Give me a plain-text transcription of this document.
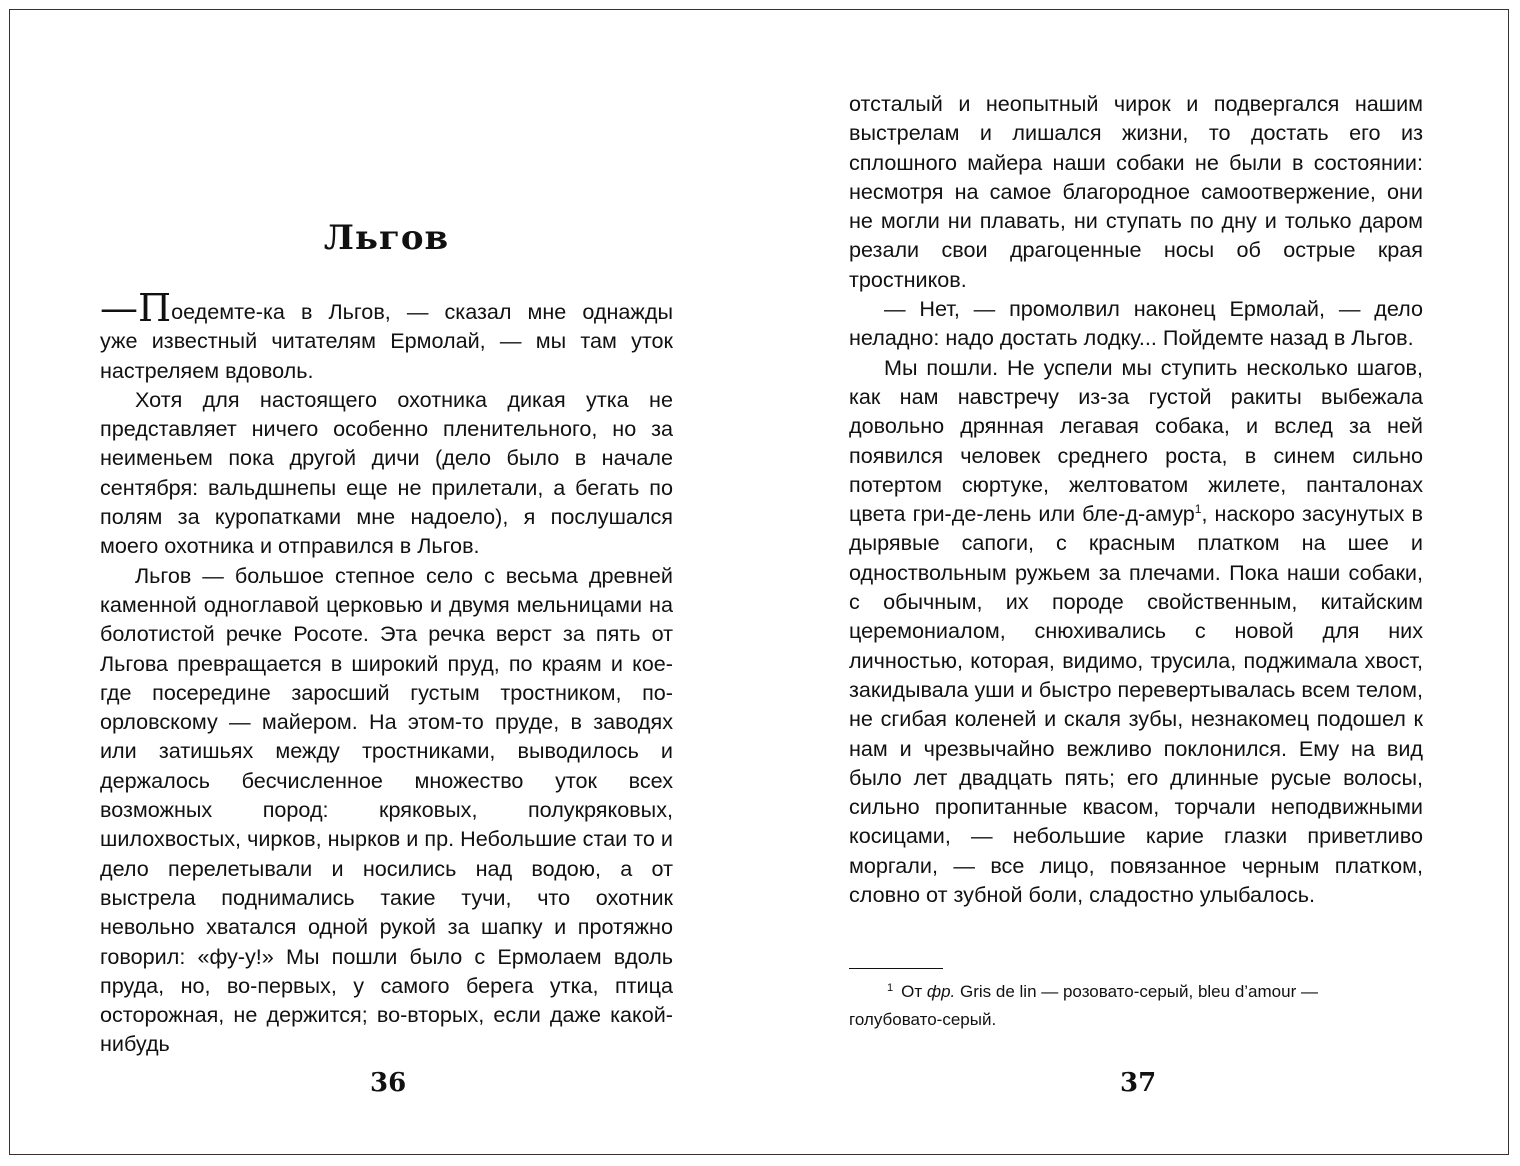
Льгов

—Поедемте-ка в Льгов, — сказал мне однажды
уже известный читателям Ермолай, — мы там уток настреляем вдоволь.

Хотя для настоящего охотника дикая утка не представляет ничего особенно пленительного, но за неименьем пока другой дичи (дело было в начале сентября: вальдшнепы еще не прилетали, а бегать по полям за куропатками мне надоело), я послушался моего охотника и отправился в Льгов.

Льгов — большое степное село с весьма древней каменной одноглавой церковью и двумя мельницами на болотистой речке Росоте. Эта речка верст за пять от Льгова превращается в широкий пруд, по краям и кое-где посередине заросший густым тростником, по-орловскому — майером. На этом-то пруде, в заводях или затишьях между тростниками, выводилось и держалось бесчисленное множество уток всех возможных пород: кряковых, полукряковых, шилохвостых, чирков, нырков и пр. Небольшие стаи то и дело перелетывали и носились над водою, а от выстрела поднимались такие тучи, что охотник невольно хватался одной рукой за шапку и протяжно говорил: «фу-у!» Мы пошли было с Ермолаем вдоль пруда, но, во-первых, у самого берега утка, птица осторожная, не держится; во-вторых, если даже какой-нибудь

36

отсталый и неопытный чирок и подвергался нашим выстрелам и лишался жизни, то достать его из сплошного майера наши собаки не были в состоянии: несмотря на самое благородное самоотвержение, они не могли ни плавать, ни ступать по дну и только даром резали свои драгоценные носы об острые края тростников.

— Нет, — промолвил наконец Ермолай, — дело неладно: надо достать лодку... Пойдемте назад в Льгов.

Мы пошли. Не успели мы ступить несколько шагов, как нам навстречу из-за густой ракиты выбежала довольно дрянная легавая собака, и вслед за ней появился человек среднего роста, в синем сильно потертом сюртуке, желтоватом жилете, панталонах цвета гри-де-лень или бле-д-амур$^1$, наскоро засунутых в дырявые сапоги, с красным платком на шее и одноствольным ружьем за плечами. Пока наши собаки, с обычным, их породе свойственным, китайским церемониалом, снюхивались с новой для них личностью, которая, видимо, трусила, поджимала хвост, закидывала уши и быстро перевертывалась всем телом, не сгибая коленей и скаля зубы, незнакомец подошел к нам и чрезвычайно вежливо поклонился. Ему на вид было лет двадцать пять; его длинные русые волосы, сильно пропитанные квасом, торчали неподвижными косицами, — небольшие карие глазки приветливо моргали, — все лицо, повязанное черным платком, словно от зубной боли, сладостно улыбалось.

$^1$ От фр. Gris de lin — розовато-серый, bleu d’amour —
голубовато-серый.
37
